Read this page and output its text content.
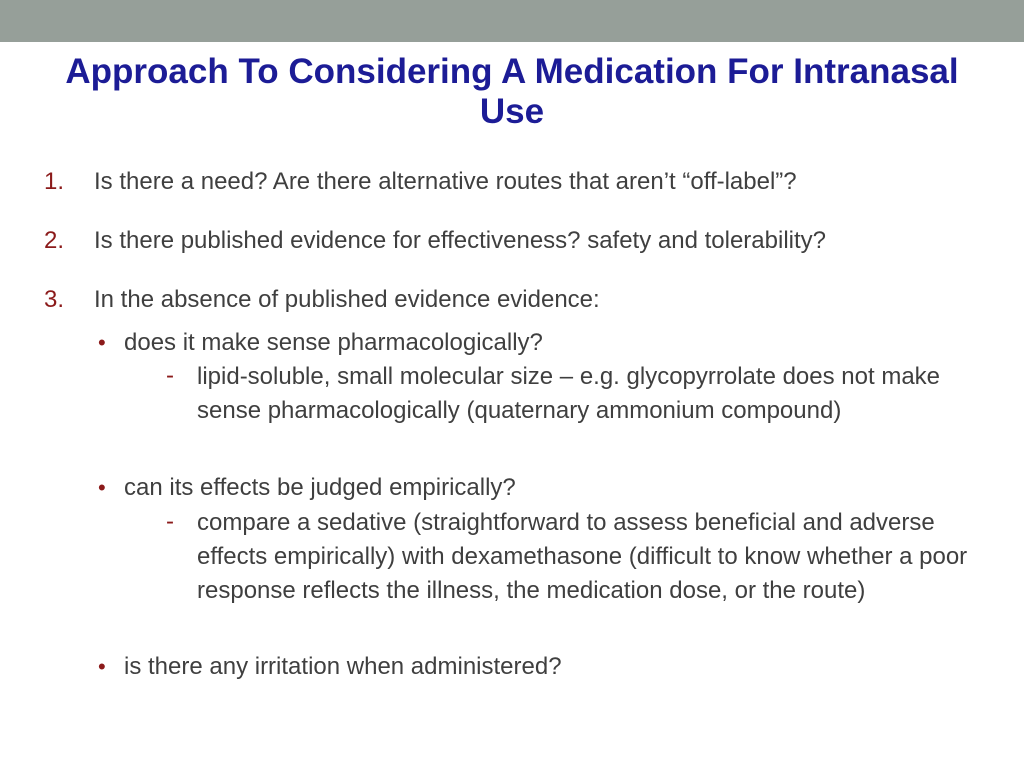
Approach To Considering A Medication For Intranasal Use
1. Is there a need? Are there alternative routes that aren’t “off-label”?

2. Is there published evidence for effectiveness? safety and tolerability?

3. In the absence of published evidence evidence:

• does it make sense pharmacologically?

- lipid-soluble, small molecular size – e.g. glycopyrrolate does not make sense pharmacologically (quaternary ammonium compound)

• can its effects be judged empirically?

- compare a sedative (straightforward to assess beneficial and adverse effects empirically) with dexamethasone (difficult to know whether a poor response reflects the illness, the medication dose, or the route)

• is there any irritation when administered?
